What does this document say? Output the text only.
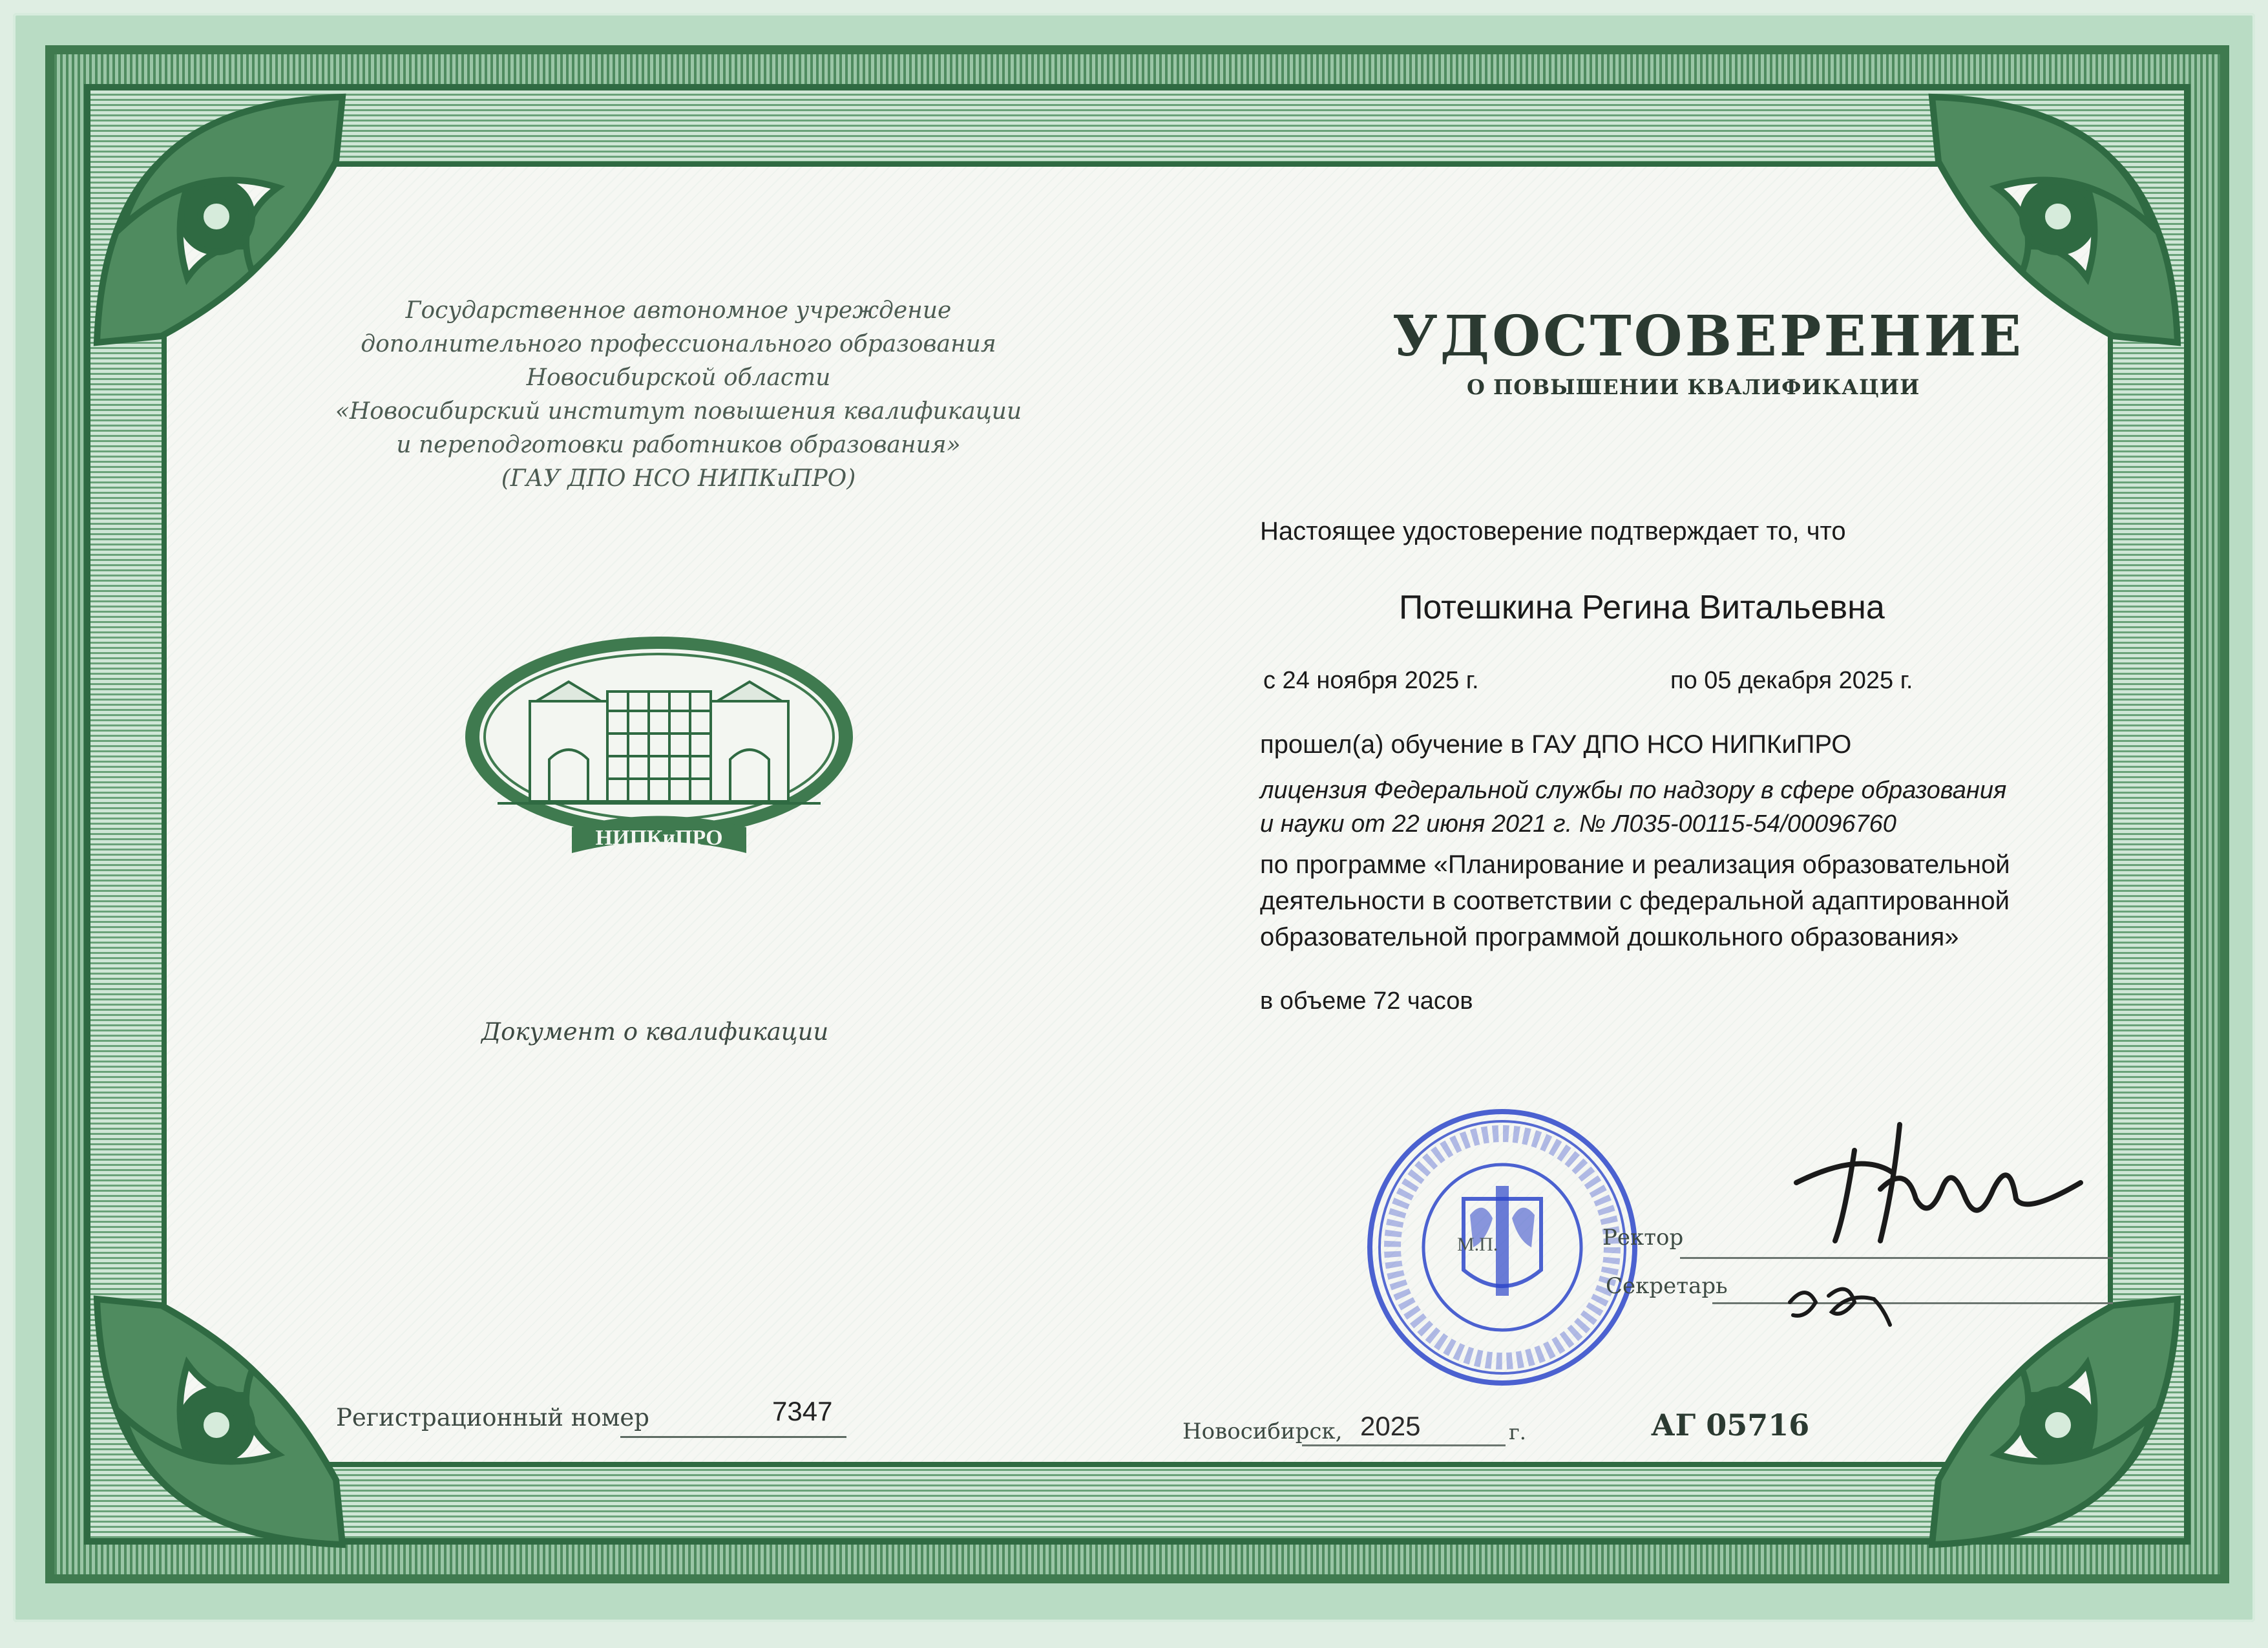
Государственное автономное учреждение
дополнительного профессионального образования
Новосибирской области
«Новосибирский институт повышения квалификации
и переподготовки работников образования»
(ГАУ ДПО НСО НИПКиПРО)
НИПКиПРО
Документ о квалификации
Регистрационный номер	7347
УДОСТОВЕРЕНИЕ
О ПОВЫШЕНИИ КВАЛИФИКАЦИИ
Настоящее удостоверение подтверждает то, что
Потешкина Регина Витальевна
с 24 ноября 2025 г.	по 05 декабря 2025 г.
прошел(а) обучение в ГАУ ДПО НСО НИПКиПРО
лицензия Федеральной службы по надзору в сфере образования
и науки от 22 июня 2021 г. № Л035-00115-54/00096760
по программе «Планирование и реализация образовательной
деятельности в соответствии с федеральной адаптированной
образовательной программой дошкольного образования»
в объеме 72 часов
М.П.	Ректор
Секретарь
Новосибирск, 2025	г.	АГ 05716
